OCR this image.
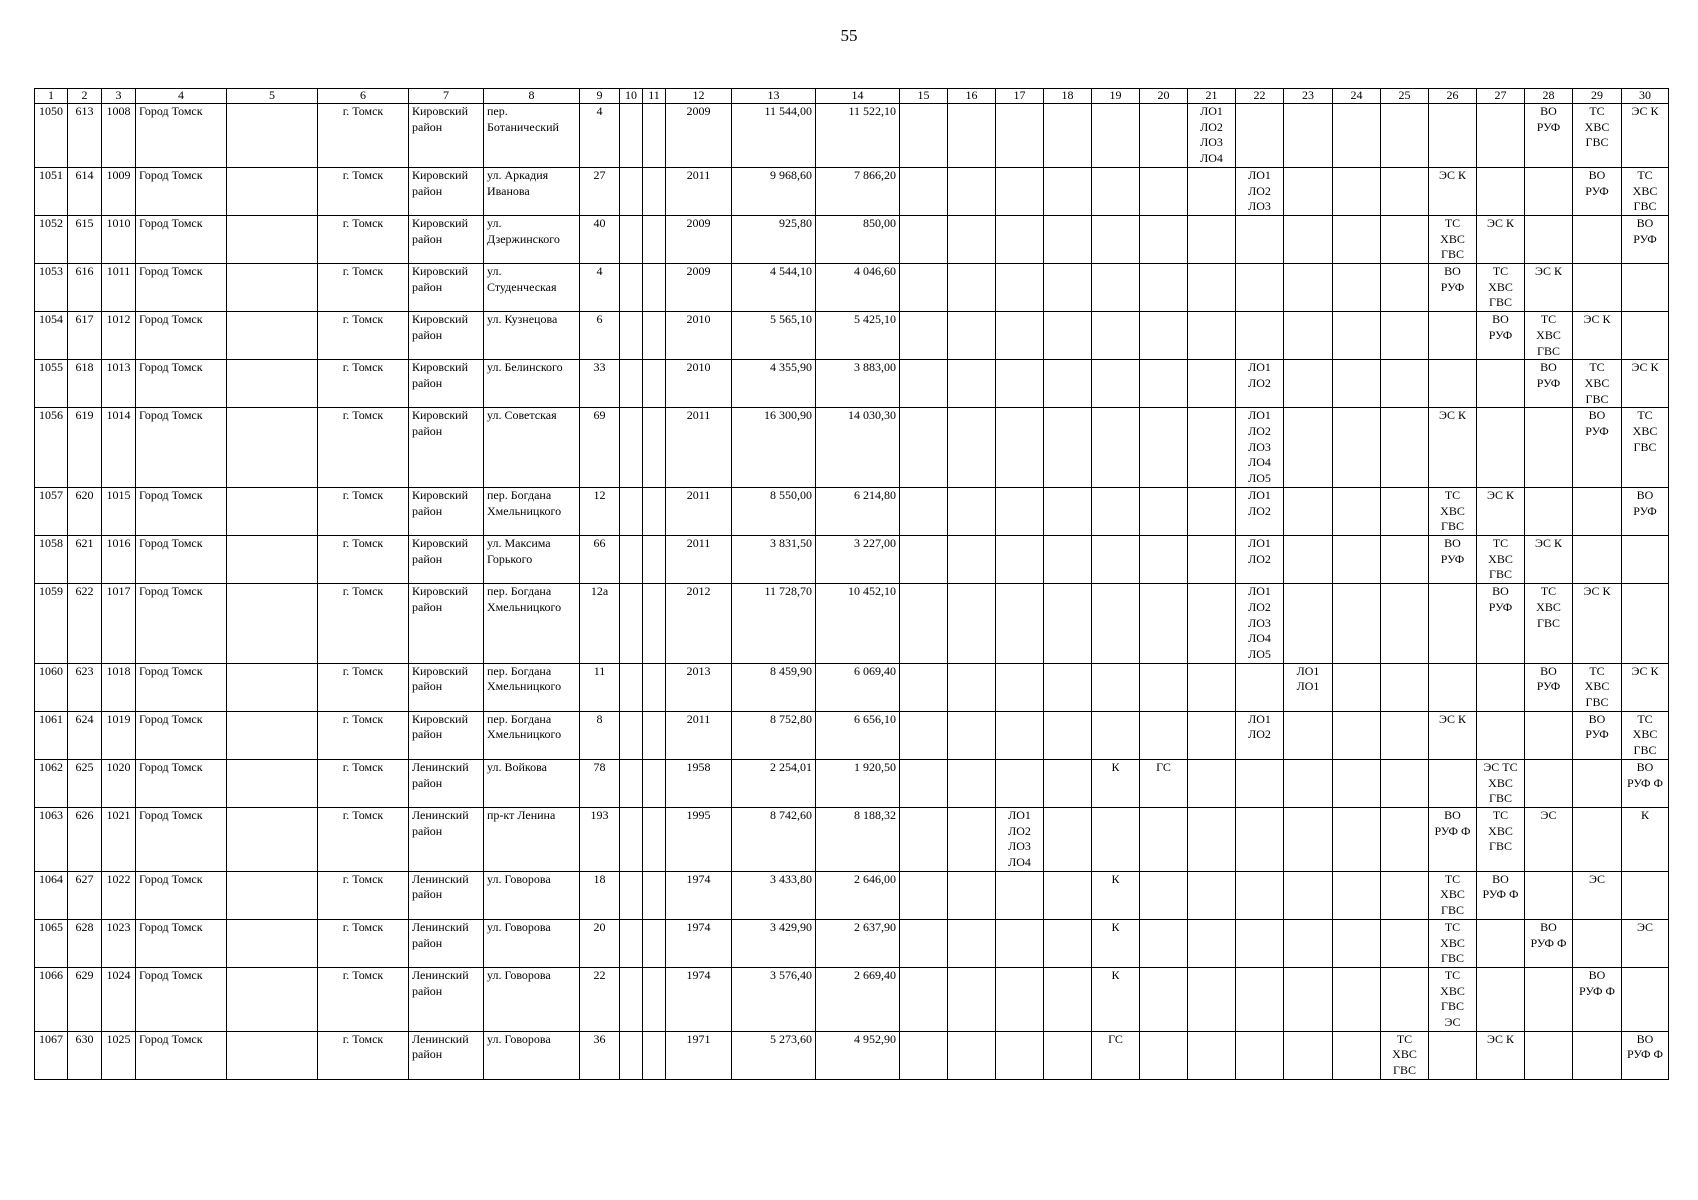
55
1	2	3	4	5	6	7	8	9	10	11	12	13	14	15	16	17	18	19	20	21	22	23	24	25	26	27	28	29	30
1050	613	1008	Город Томск		г. Томск	Кировский
район	пер.
Ботанический	4			2009	11 544,00	11 522,10							ЛО1
ЛО2
ЛО3
ЛО4							ВО
РУФ	ТС
ХВС
ГВС	ЭС К
1051	614	1009	Город Томск		г. Томск	Кировский
район	ул. Аркадия
Иванова	27			2011	9 968,60	7 866,20								ЛО1
ЛО2
ЛО3				ЭС К			ВО
РУФ	ТС
ХВС
ГВС
1052	615	1010	Город Томск		г. Томск	Кировский
район	ул.
Дзержинского	40			2009	925,80	850,00												ТС
ХВС
ГВС	ЭС К			ВО
РУФ
1053	616	1011	Город Томск		г. Томск	Кировский
район	ул.
Студенческая	4			2009	4 544,10	4 046,60												ВО
РУФ	ТС
ХВС
ГВС	ЭС К		
1054	617	1012	Город Томск		г. Томск	Кировский
район	ул. Кузнецова	6			2010	5 565,10	5 425,10													ВО
РУФ	ТС
ХВС
ГВС	ЭС К	
1055	618	1013	Город Томск		г. Томск	Кировский
район	ул. Белинского	33			2010	4 355,90	3 883,00								ЛО1
ЛО2						ВО
РУФ	ТС
ХВС
ГВС	ЭС К
1056	619	1014	Город Томск		г. Томск	Кировский
район	ул. Советская	69			2011	16 300,90	14 030,30								ЛО1
ЛО2
ЛО3
ЛО4
ЛО5				ЭС К			ВО
РУФ	ТС
ХВС
ГВС
1057	620	1015	Город Томск		г. Томск	Кировский
район	пер. Богдана
Хмельницкого	12			2011	8 550,00	6 214,80								ЛО1
ЛО2				ТС
ХВС
ГВС	ЭС К			ВО
РУФ
1058	621	1016	Город Томск		г. Томск	Кировский
район	ул. Максима
Горького	66			2011	3 831,50	3 227,00								ЛО1
ЛО2				ВО
РУФ	ТС
ХВС
ГВС	ЭС К		
1059	622	1017	Город Томск		г. Томск	Кировский
район	пер. Богдана
Хмельницкого	12а			2012	11 728,70	10 452,10								ЛО1
ЛО2
ЛО3
ЛО4
ЛО5					ВО
РУФ	ТС
ХВС
ГВС	ЭС К	
1060	623	1018	Город Томск		г. Томск	Кировский
район	пер. Богдана
Хмельницкого	11			2013	8 459,90	6 069,40									ЛО1
ЛО1					ВО
РУФ	ТС
ХВС
ГВС	ЭС К
1061	624	1019	Город Томск		г. Томск	Кировский
район	пер. Богдана
Хмельницкого	8			2011	8 752,80	6 656,10								ЛО1
ЛО2				ЭС К			ВО
РУФ	ТС
ХВС
ГВС
1062	625	1020	Город Томск		г. Томск	Ленинский
район	ул. Войкова	78			1958	2 254,01	1 920,50					К	ГС							ЭС ТС
ХВС
ГВС			ВО
РУФ Ф
1063	626	1021	Город Томск		г. Томск	Ленинский
район	пр-кт Ленина	193			1995	8 742,60	8 188,32			ЛО1
ЛО2
ЛО3
ЛО4									ВО
РУФ Ф	ТС
ХВС
ГВС	ЭС		К
1064	627	1022	Город Томск		г. Томск	Ленинский
район	ул. Говорова	18			1974	3 433,80	2 646,00					К							ТС
ХВС
ГВС	ВО
РУФ Ф		ЭС	
1065	628	1023	Город Томск		г. Томск	Ленинский
район	ул. Говорова	20			1974	3 429,90	2 637,90					К							ТС
ХВС
ГВС		ВО
РУФ Ф		ЭС
1066	629	1024	Город Томск		г. Томск	Ленинский
район	ул. Говорова	22			1974	3 576,40	2 669,40					К							ТС
ХВС
ГВС
ЭС			ВО
РУФ Ф	
1067	630	1025	Город Томск		г. Томск	Ленинский
район	ул. Говорова	36			1971	5 273,60	4 952,90					ГС						ТС
ХВС
ГВС		ЭС К			ВО
РУФ Ф
